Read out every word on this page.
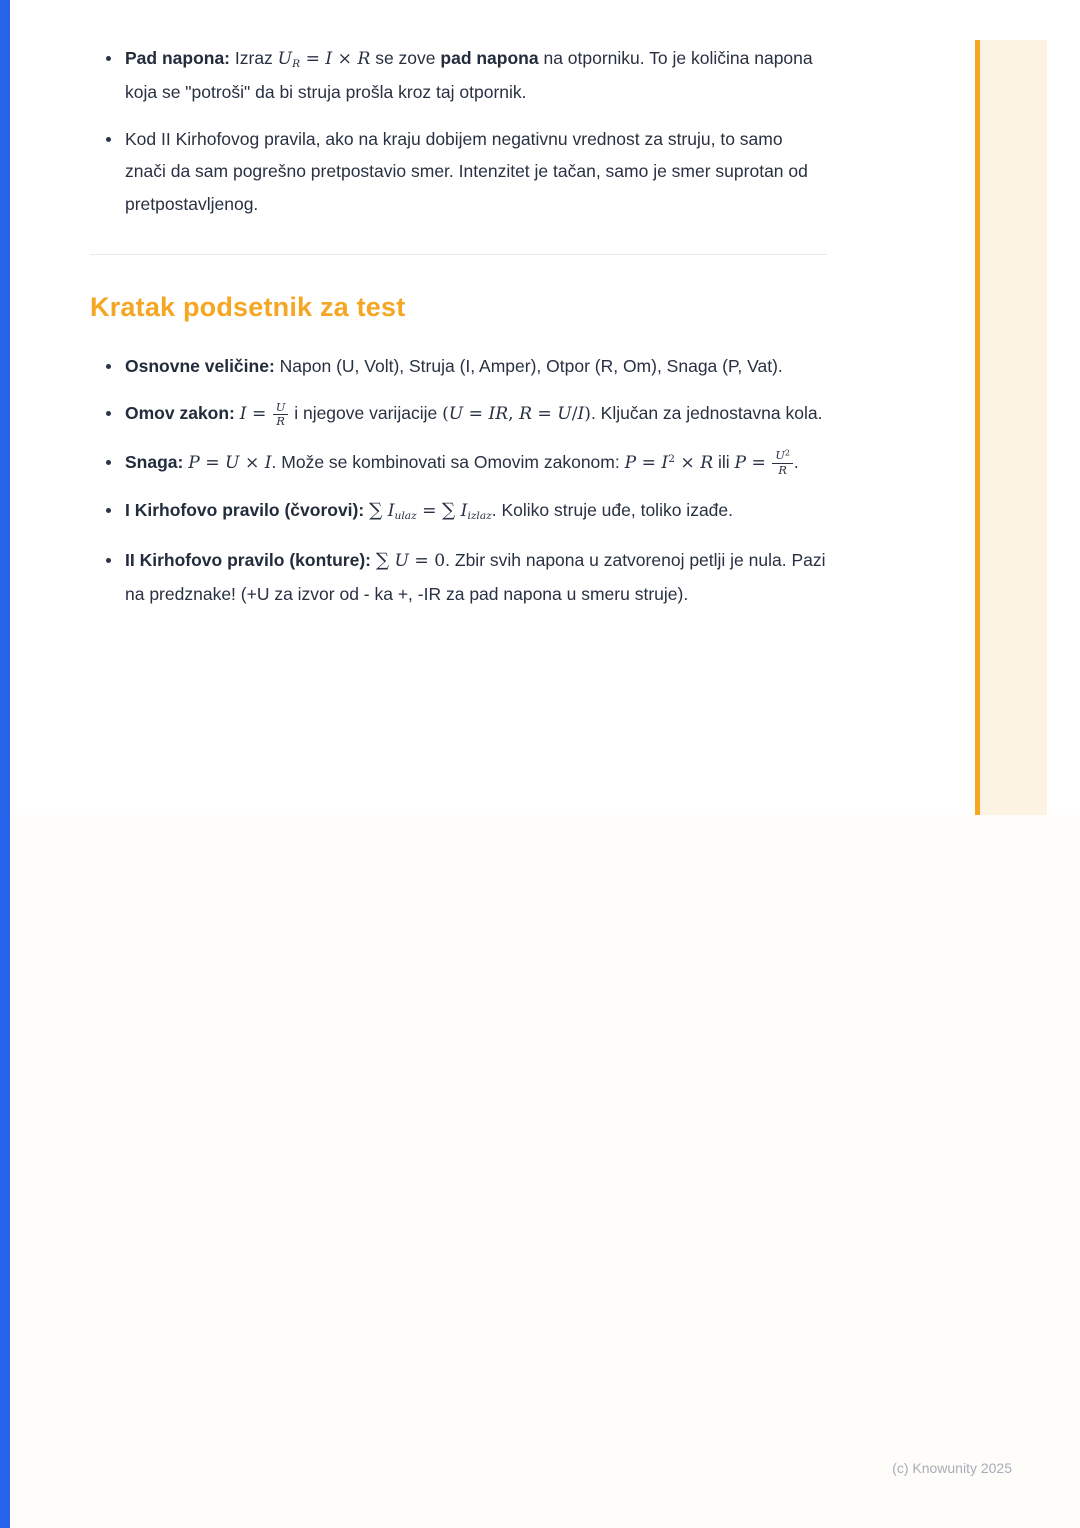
• Pad napona: Izraz $U_R = I \times R$ se zove pad napona na otporniku. To je količina napona koja se "potroši" da bi struja prošla kroz taj otpornik.
• Kod II Kirhofovog pravila, ako na kraju dobijem negativnu vrednost za struju, to samo znači da sam pogrešno pretpostavio smer. Intenzitet je tačan, samo je smer suprotan od pretpostavljenog.
Kratak podsetnik za test
• Osnovne veličine: Napon (U, Volt), Struja (I, Amper), Otpor (R, Om), Snaga (P, Vat).
• Omov zakon: $I = \frac{U}{R}$ i njegove varijacije (U = IR, R = U/I). Ključan za jednostavna kola.
• Snaga: P = U × I. Može se kombinovati sa Omovim zakonom: $P = I^2 \times R$ ili $P = \frac{U^2}{R}$ .
• I Kirhofovo pravilo (čvorovi): ∑ $I_{ulaz}$ = ∑ $I_{izlaz}$. Koliko struje uđe, toliko izađe.
• II Kirhofovo pravilo (konture): ∑ U = 0. Zbir svih napona u zatvorenoj petlji je nula. Pazi na predznake! (+U za izvor od - ka +, -IR za pad napona u smeru struje).
(c) Knowunity 2025
